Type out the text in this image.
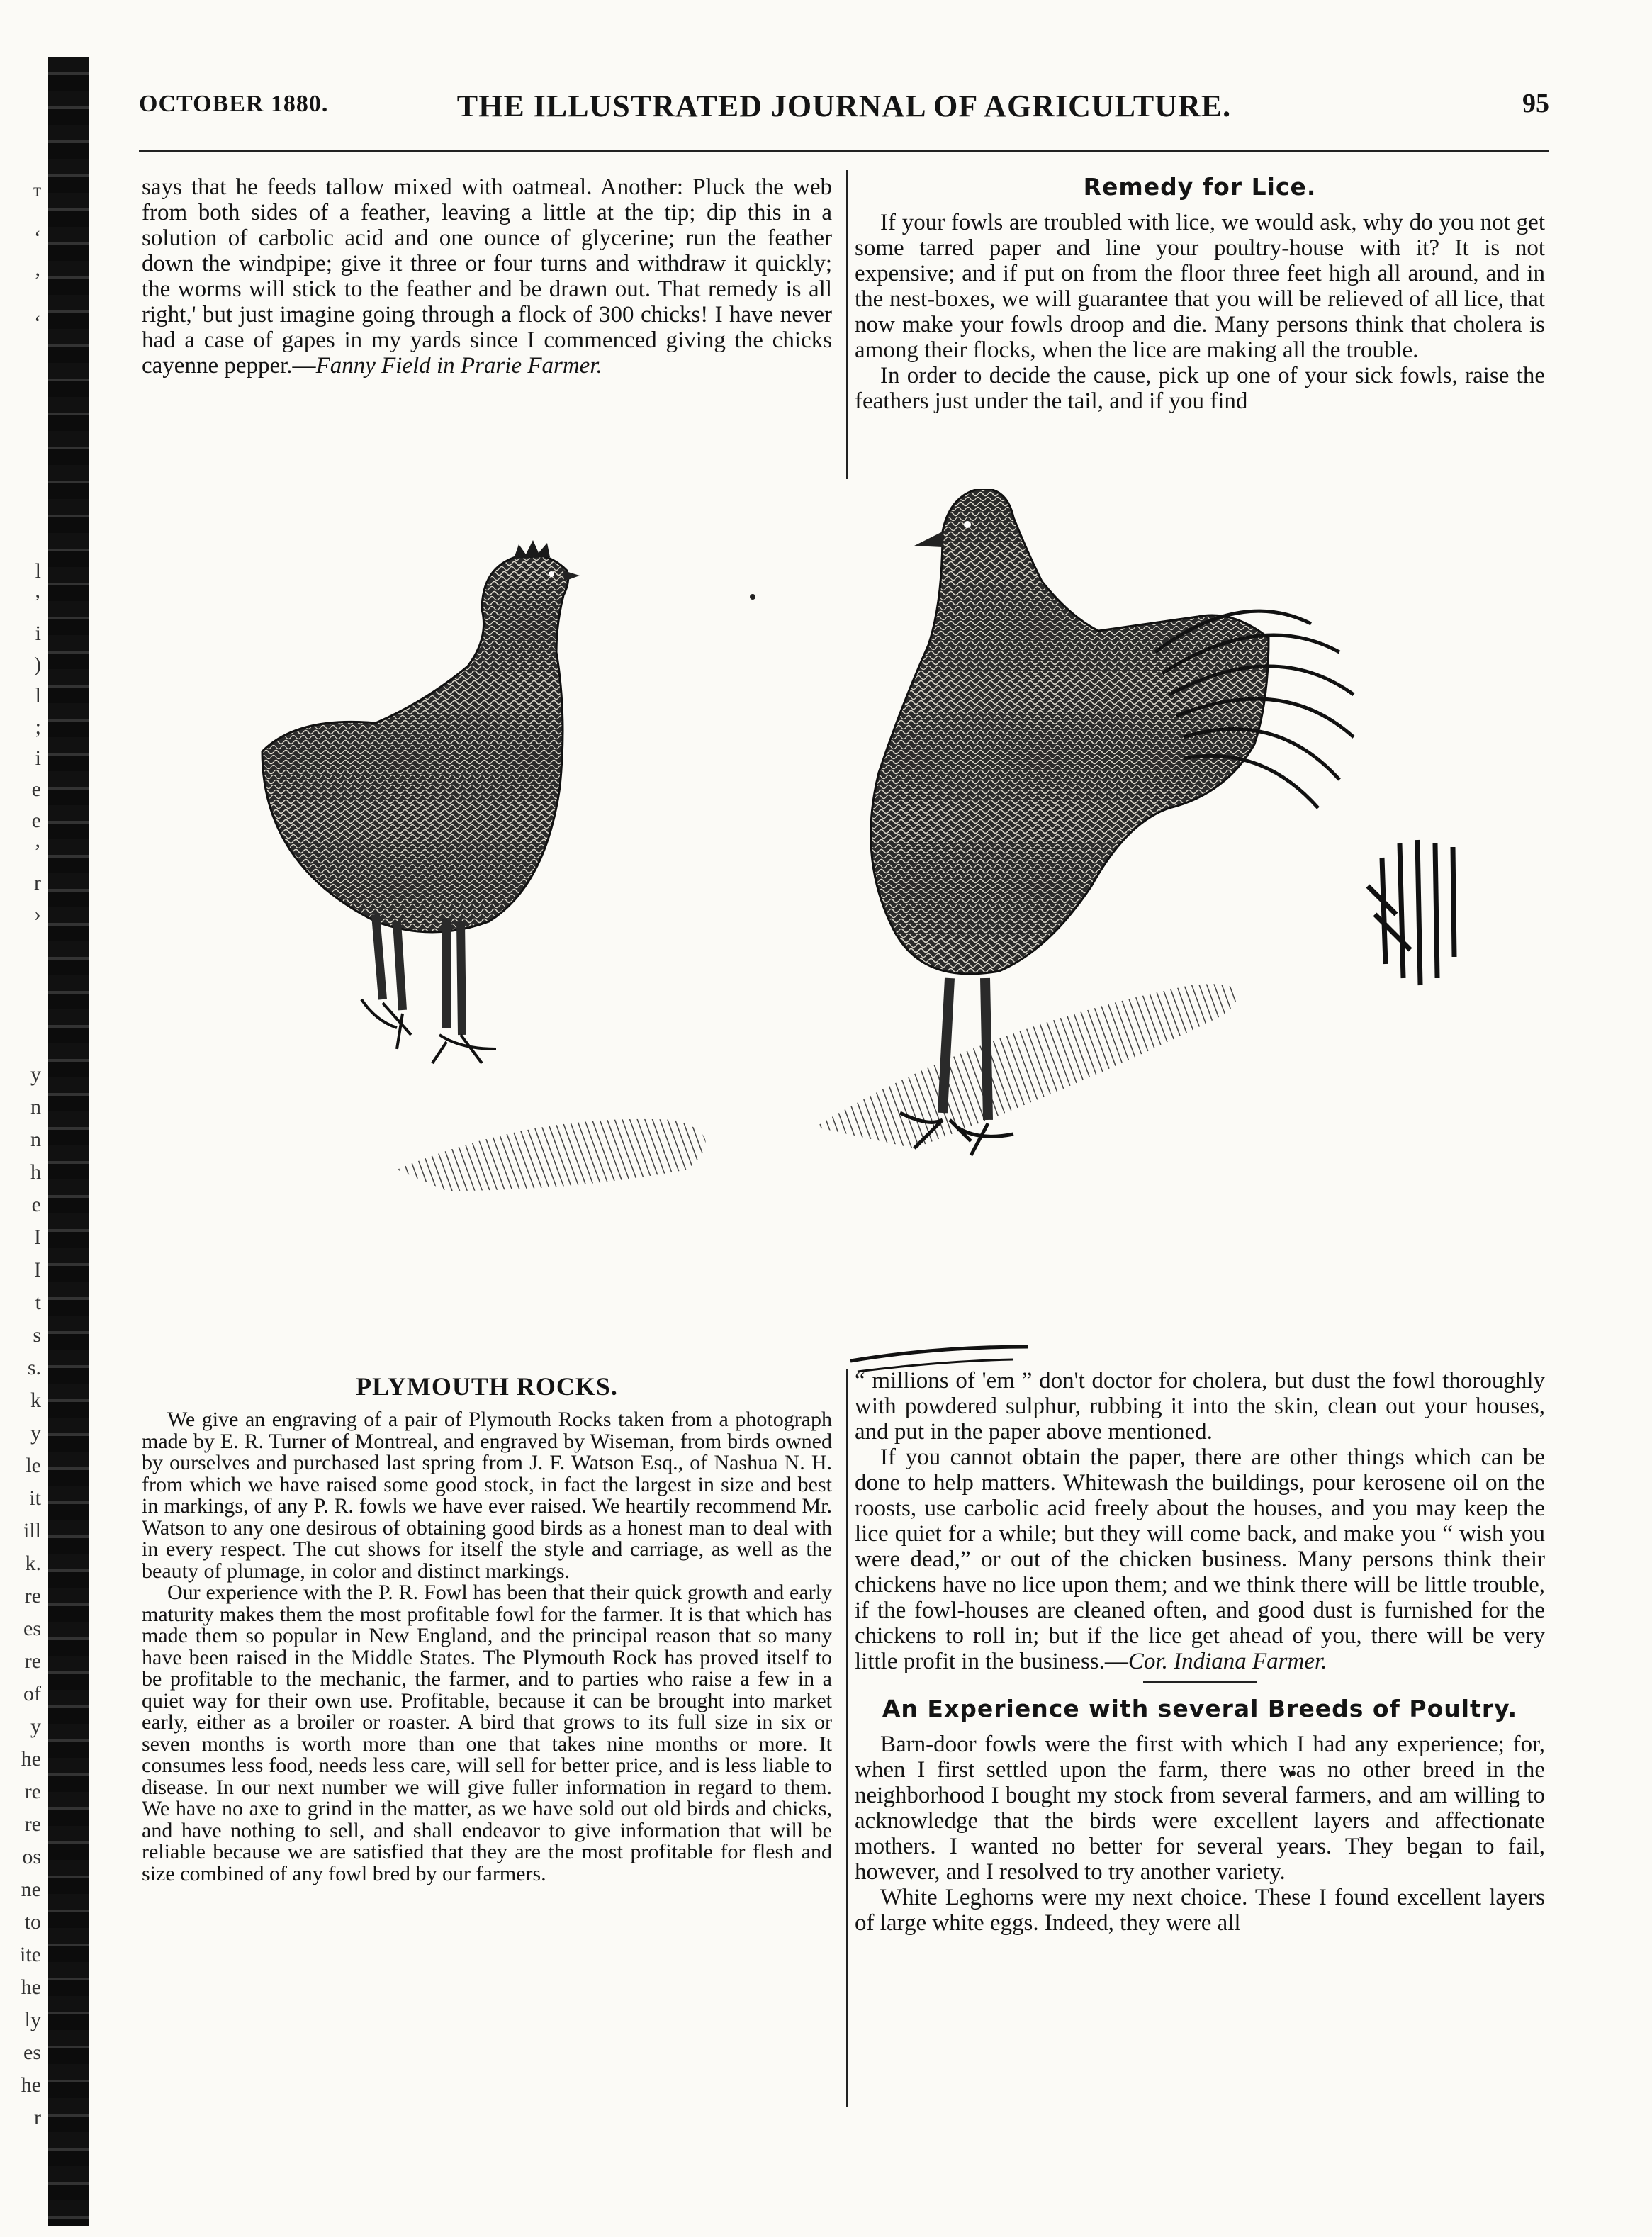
ᵀ
‘
’
‘
l
’
i
)
l
;
i
e
e
’
r
›
y
n
n
h
e
I
I
t
s
s.
k
y
le
it
ill
k.
re
es
re
of
y
he
re
re
os
ne
to
ite
he
ly
es
he
r
OCTOBER 1880.	THE ILLUSTRATED JOURNAL OF AGRICULTURE.	95

says that he feeds tallow mixed with oatmeal. Another: Pluck the web from both sides of a feather, leaving a little at the tip; dip this in a solution of carbolic acid and one ounce of glycerine; run the feather down the windpipe; give it three or four turns and withdraw it quickly; the worms will stick to the feather and be drawn out. That remedy is all right,' but just imagine going through a flock of 300 chicks! I have never had a case of gapes in my yards since I commenced giving the chicks cayenne pepper.—Fanny Field in Prarie Farmer.

Remedy for Lice.

If your fowls are troubled with lice, we would ask, why do you not get some tarred paper and line your poultry-house with it? It is not expensive; and if put on from the floor three feet high all around, and in the nest-boxes, we will guarantee that you will be relieved of all lice, that now make your fowls droop and die. Many persons think that cholera is among their flocks, when the lice are making all the trouble.

In order to decide the cause, pick up one of your sick fowls, raise the feathers just under the tail, and if you find

PLYMOUTH ROCKS.

We give an engraving of a pair of Plymouth Rocks taken from a photograph made by E. R. Turner of Montreal, and engraved by Wiseman, from birds owned by ourselves and purchased last spring from J. F. Watson Esq., of Nashua N. H. from which we have raised some good stock, in fact the largest in size and best in markings, of any P. R. fowls we have ever raised. We heartily recommend Mr. Watson to any one desirous of obtaining good birds as a honest man to deal with in every respect. The cut shows for itself the style and carriage, as well as the beauty of plumage, in color and distinct markings.

Our experience with the P. R. Fowl has been that their quick growth and early maturity makes them the most profitable fowl for the farmer. It is that which has made them so popular in New England, and the principal reason that so many have been raised in the Middle States. The Plymouth Rock has proved itself to be profitable to the mechanic, the farmer, and to parties who raise a few in a quiet way for their own use. Profitable, because it can be brought into market early, either as a broiler or roaster. A bird that grows to its full size in six or seven months is worth more than one that takes nine months or more. It consumes less food, needs less care, will sell for better price, and is less liable to disease. In our next number we will give fuller information in regard to them. We have no axe to grind in the matter, as we have sold out old birds and chicks, and have nothing to sell, and shall endeavor to give information that will be reliable because we are satisfied that they are the most profitable for flesh and size combined of any fowl bred by our farmers.

“ millions of 'em ” don't doctor for cholera, but dust the fowl thoroughly with powdered sulphur, rubbing it into the skin, clean out your houses, and put in the paper above mentioned.

If you cannot obtain the paper, there are other things which can be done to help matters. Whitewash the buildings, pour kerosene oil on the roosts, use carbolic acid freely about the houses, and you may keep the lice quiet for a while; but they will come back, and make you “ wish you were dead,” or out of the chicken business. Many persons think their chickens have no lice upon them; and we think there will be little trouble, if the fowl-houses are cleaned often, and good dust is furnished for the chickens to roll in; but if the lice get ahead of you, there will be very little profit in the business.—Cor. Indiana Farmer.

An Experience with several Breeds of Poultry.

Barn-door fowls were the first with which I had any experience; for, when I first settled upon the farm, there was no other breed in the neighborhood I bought my stock from several farmers, and am willing to acknowledge that the birds were excellent layers and affectionate mothers. I wanted no better for several years. They began to fail, however, and I resolved to try another variety.

White Leghorns were my next choice. These I found excellent layers of large white eggs. Indeed, they were all
